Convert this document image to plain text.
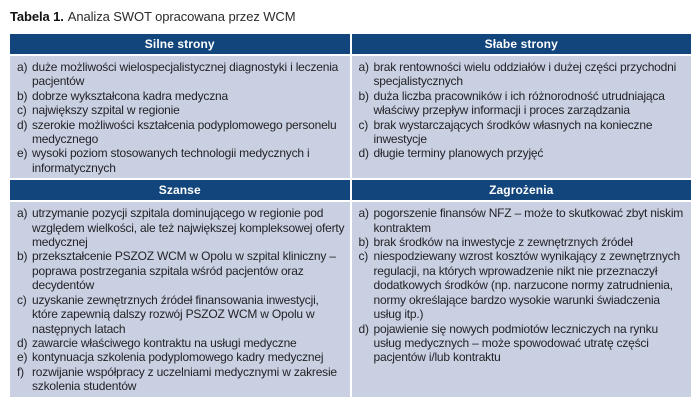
Tabela 1. Analiza SWOT opracowana przez WCM
Silne strony	Słabe strony
a) duże możliwości wielospecjalistycznej diagnostyki i leczenia pacjentów
b) dobrze wykształcona kadra medyczna
c) największy szpital w regionie
d) szerokie możliwości kształcenia podyplomowego personelu medycznego
e) wysoki poziom stosowanych technologii medycznych i informatycznych
a) brak rentowności wielu oddziałów i dużej części przychodni specjalistycznych
b) duża liczba pracowników i ich różnorodność utrudniająca właściwy przepływ informacji i proces zarządzania
c) brak wystarczających środków własnych na konieczne inwestycje
d) długie terminy planowych przyjęć
Szanse	Zagrożenia
a) utrzymanie pozycji szpitala dominującego w regionie pod względem wielkości, ale też największej kompleksowej oferty medycznej
b) przekształcenie PSZOZ WCM w Opolu w szpital kliniczny – poprawa postrzegania szpitala wśród pacjentów oraz decydentów
c) uzyskanie zewnętrznych źródeł finansowania inwestycji, które zapewnią dalszy rozwój PSZOZ WCM w Opolu w następnych latach
d) zawarcie właściwego kontraktu na usługi medyczne
e) kontynuacja szkolenia podyplomowego kadry medycznej
f) rozwijanie współpracy z uczelniami medycznymi w zakresie szkolenia studentów
a) pogorszenie finansów NFZ – może to skutkować zbyt niskim kontraktem
b) brak środków na inwestycje z zewnętrznych źródeł
c) niespodziewany wzrost kosztów wynikający z zewnętrznych regulacji, na których wprowadzenie nikt nie przeznaczył dodatkowych środków (np. narzucone normy zatrudnienia, normy określające bardzo wysokie warunki świadczenia usług itp.)
d) pojawienie się nowych podmiotów leczniczych na rynku usług medycznych – może spowodować utratę części pacjentów i/lub kontraktu
